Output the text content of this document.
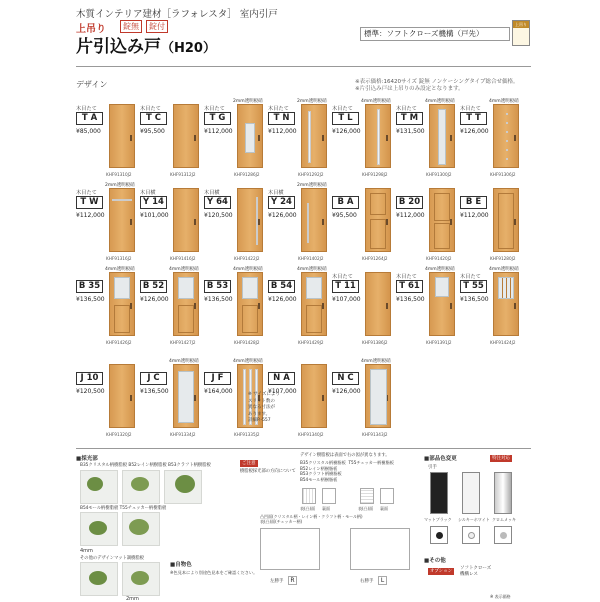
木質インテリア建材［ラフォレスタ］ 室内引戸
錠無	錠付
上吊り
片引込み戸（H20）
標準：ソフトクローズ機構（戸先）
上吊り
デザイン	※表示価格:16420サイズ 錠無 ノンケーシングタイプ総合せ価格。
※片引込み戸は上吊りのみ設定となります。
木目たて
T A
¥85,000
KHF91310J2
木目たて
T C
¥95,500
KHF91312J2
木目たて
T G
¥112,000
2mm透明板硝
KHF91286J2
木目たて
T N
¥112,000
2mm透明板硝
KHF91292J2
木目たて
T L
¥126,000
4mm透明板硝
KHF91298J2
木目たて
T M
¥131,500
4mm透明板硝
KHF91300J2
木目たて
T T
¥126,000
4mm透明板硝
KHF91306J2
木目たて
T W
¥112,000
2mm透明板硝
KHF91316J2
木目横
Y 14
¥101,000
KHF91416J2
木目横
Y 64
¥120,500
KHF91422J2
木目横
Y 24
¥126,000
2mm透明板硝
KHF91402J2
B A
¥95,500
KHF91264J2
B 20
¥112,000
KHF91420J2
B E
¥112,000
KHF91280J2
B 35
¥136,500
4mm透明板硝
KHF91426J2
B 52
¥126,000
4mm透明板硝
KHF91427J2
B 53
¥136,500
4mm透明板硝
KHF91428J2
B 54
¥126,000
4mm透明板硝
KHF91429J2
木目たて
T 11
¥107,000
KHF91386J2
木目たて
T 61
¥136,500
4mm透明板硝
KHF91391J2
木目たて
T 55
¥136,500
4mm透明板硝
KHF91424J2
J 10
¥120,500
KHF91320J2
J C
¥136,500
4mm透明板硝
KHF91334J2
J F
¥164,000
4mm透明板硝
KHF91335J2
N A
¥107,000
KHF91340J2
N C
¥126,000
4mm透明板硝
KHF91343J2
※ サイズにより
スリット数の
異なる寸法が
あります。
詳細P.-557
■採光部
B35クリスタル柄樹脂板 B52レイン柄樹脂板 B53クラフト柄樹脂板
B54モール柄樹脂板 T55チェッカー柄樹脂板
4mm
その他のデザインマット調樹脂板
2mm
ご注意
樹脂板採光部の方向について
デザイン樹脂板は表面で右の図が異なります。
B35クリスタル柄樹脂板  T55チェッカー柄樹脂板
B52レイン柄樹脂板
B53クラフト柄樹脂板
B54モール柄樹脂板
表(凸)面 裏面	表(凸)面 裏面
凸凹面(クリスタル柄・レイン柄・クラフト柄・モール柄)
表(凸)面(チェッカー柄)
左勝手	R	右勝手	L
■部品色変更	特注対応
引手
マットブラック シルキーホワイト クロムメッキ
■その他
オプション
ソフトクローズ
機構レス
※ 表示価格
■自物色
※色見本により別途色見本をご確認ください。
